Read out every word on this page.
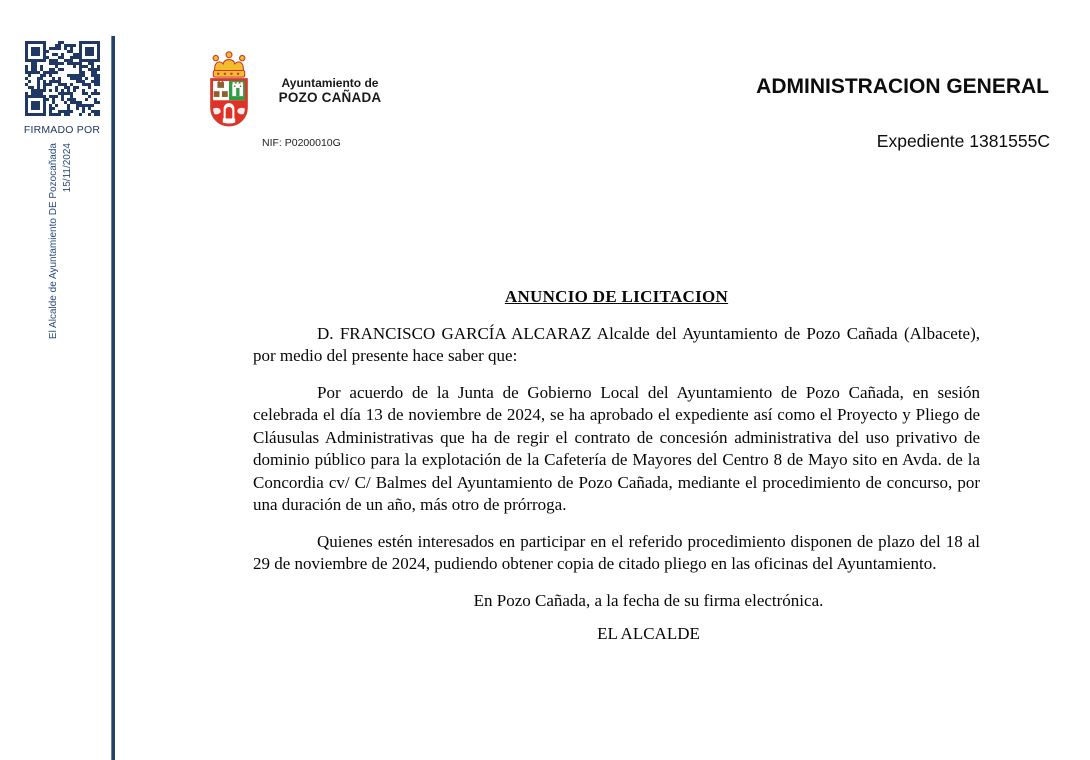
FIRMADO POR
El Alcalde de Ayuntamiento DE Pozocañada 15/11/2024
Ayuntamiento de
POZO CAÑADA
NIF: P0200010G
ADMINISTRACION GENERAL
Expediente 1381555C
ANUNCIO DE LICITACION

D. FRANCISCO GARCÍA ALCARAZ Alcalde del Ayuntamiento de Pozo Cañada (Albacete), por medio del presente hace saber que:

Por acuerdo de la Junta de Gobierno Local del Ayuntamiento de Pozo Cañada, en sesión celebrada el día 13 de noviembre de 2024, se ha aprobado el expediente así como el Proyecto y Pliego de Cláusulas Administrativas que ha de regir el contrato de concesión administrativa del uso privativo de dominio público para la explotación de la Cafetería de Mayores del Centro 8 de Mayo sito en Avda. de la Concordia cv/ C/ Balmes del Ayuntamiento de Pozo Cañada, mediante el procedimiento de concurso, por una duración de un año, más otro de prórroga.

Quienes estén interesados en participar en el referido procedimiento disponen de plazo del 18 al 29 de noviembre de 2024, pudiendo obtener copia de citado pliego en las oficinas del Ayuntamiento.

En Pozo Cañada, a la fecha de su firma electrónica.

EL ALCALDE
